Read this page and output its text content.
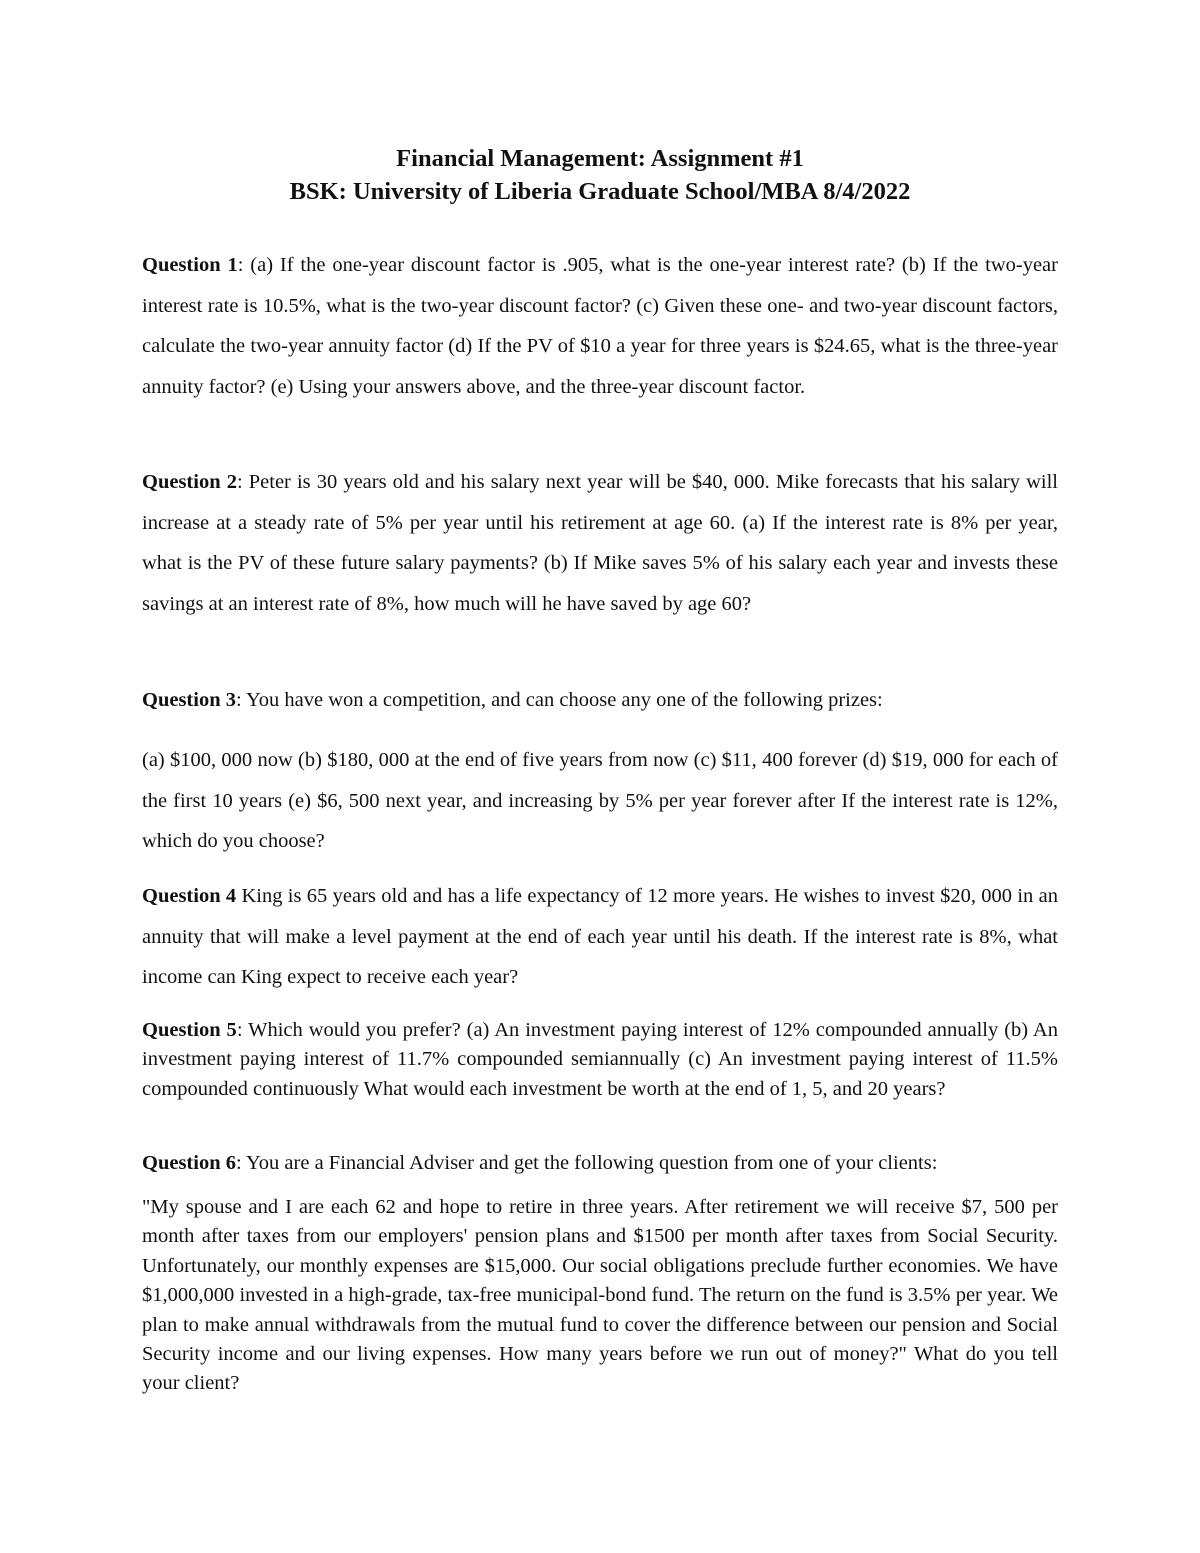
Financial Management: Assignment #1
BSK: University of Liberia Graduate School/MBA 8/4/2022

Question 1: (a) If the one-year discount factor is .905, what is the one-year interest rate? (b) If the two-year interest rate is 10.5%, what is the two-year discount factor? (c) Given these one- and two-year discount factors, calculate the two-year annuity factor (d) If the PV of $10 a year for three years is $24.65, what is the three-year annuity factor? (e) Using your answers above, and the three-year discount factor.

Question 2: Peter is 30 years old and his salary next year will be $40, 000. Mike forecasts that his salary will increase at a steady rate of 5% per year until his retirement at age 60. (a) If the interest rate is 8% per year, what is the PV of these future salary payments? (b) If Mike saves 5% of his salary each year and invests these savings at an interest rate of 8%, how much will he have saved by age 60?

Question 3: You have won a competition, and can choose any one of the following prizes:

(a) $100, 000 now (b) $180, 000 at the end of five years from now (c) $11, 400 forever (d) $19, 000 for each of the first 10 years (e) $6, 500 next year, and increasing by 5% per year forever after If the interest rate is 12%, which do you choose?

Question 4 King is 65 years old and has a life expectancy of 12 more years. He wishes to invest $20, 000 in an annuity that will make a level payment at the end of each year until his death. If the interest rate is 8%, what income can King expect to receive each year?

Question 5: Which would you prefer? (a) An investment paying interest of 12% compounded annually (b) An investment paying interest of 11.7% compounded semiannually (c) An investment paying interest of 11.5% compounded continuously What would each investment be worth at the end of 1, 5, and 20 years?

Question 6: You are a Financial Adviser and get the following question from one of your clients:

"My spouse and I are each 62 and hope to retire in three years. After retirement we will receive $7, 500 per month after taxes from our employers' pension plans and $1500 per month after taxes from Social Security. Unfortunately, our monthly expenses are $15,000. Our social obligations preclude further economies. We have $1,000,000 invested in a high-grade, tax-free municipal-bond fund. The return on the fund is 3.5% per year. We plan to make annual withdrawals from the mutual fund to cover the difference between our pension and Social Security income and our living expenses. How many years before we run out of money?" What do you tell your client?
